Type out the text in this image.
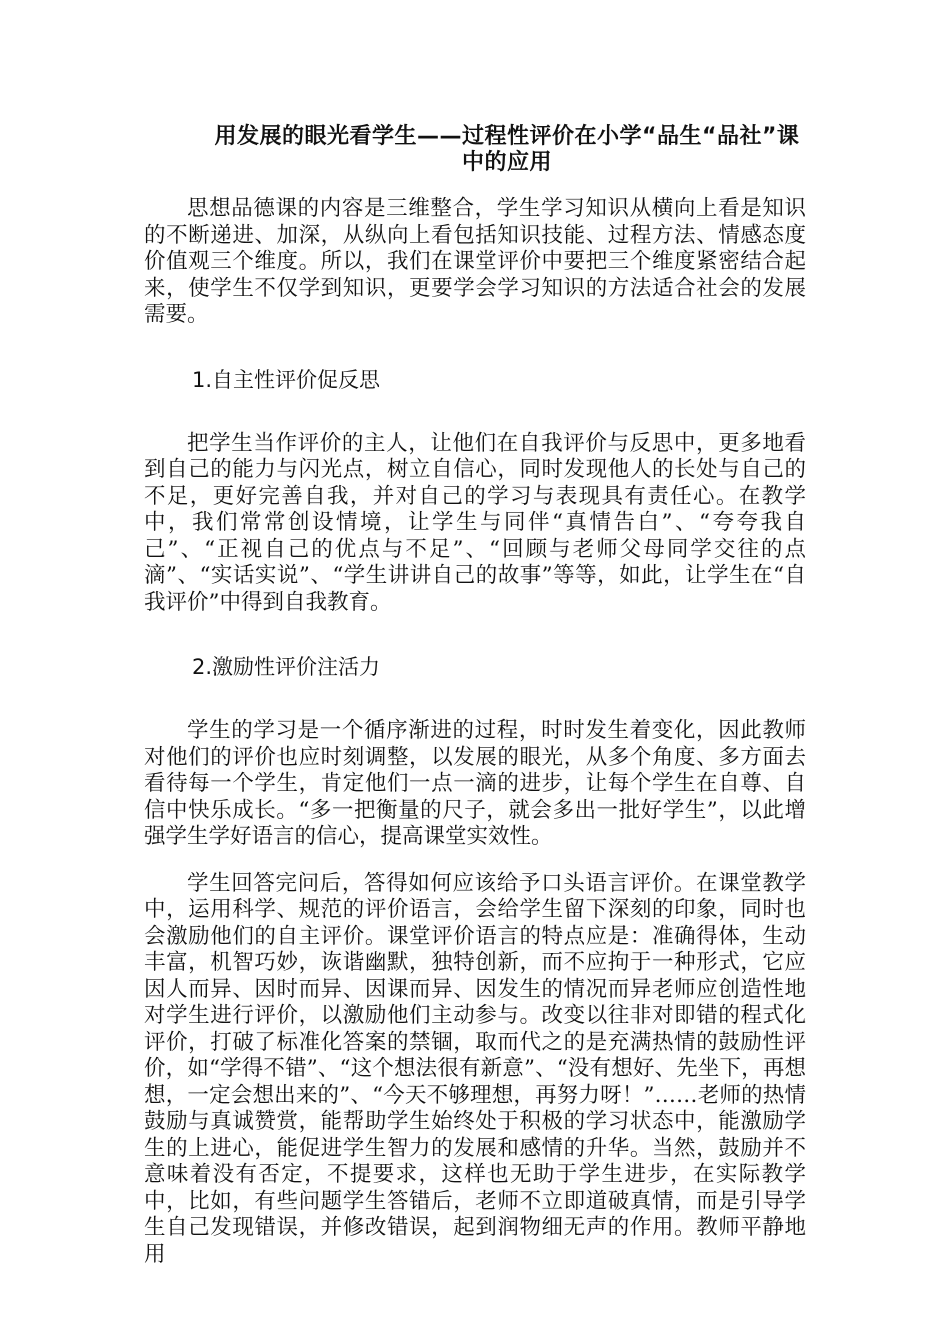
用发展的眼光看学生——过程性评价在小学“品生“品社”课中的应用

思想品德课的内容是三维整合，学生学习知识从横向上看是知识的不断递进、加深，从纵向上看包括知识技能、过程方法、情感态度价值观三个维度。所以，我们在课堂评价中要把三个维度紧密结合起来，使学生不仅学到知识，更要学会学习知识的方法适合社会的发展需要。

1.自主性评价促反思

把学生当作评价的主人，让他们在自我评价与反思中，更多地看到自己的能力与闪光点，树立自信心，同时发现他人的长处与自己的不足，更好完善自我，并对自己的学习与表现具有责任心。在教学中，我们常常创设情境，让学生与同伴“真情告白”、“夸夸我自己”、“正视自己的优点与不足”、“回顾与老师父母同学交往的点滴”、“实话实说”、“学生讲讲自己的故事”等等，如此，让学生在“自我评价”中得到自我教育。

2.激励性评价注活力

学生的学习是一个循序渐进的过程，时时发生着变化，因此教师对他们的评价也应时刻调整，以发展的眼光，从多个角度、多方面去看待每一个学生，肯定他们一点一滴的进步，让每个学生在自尊、自信中快乐成长。“多一把衡量的尺子，就会多出一批好学生”，以此增强学生学好语言的信心，提高课堂实效性。

学生回答完问后，答得如何应该给予口头语言评价。在课堂教学中，运用科学、规范的评价语言，会给学生留下深刻的印象，同时也会激励他们的自主评价。课堂评价语言的特点应是：准确得体，生动丰富，机智巧妙，诙谐幽默，独特创新，而不应拘于一种形式，它应因人而异、因时而异、因课而异、因发生的情况而异老师应创造性地对学生进行评价，以激励他们主动参与。改变以往非对即错的程式化评价，打破了标准化答案的禁锢，取而代之的是充满热情的鼓励性评价，如“学得不错”、“这个想法很有新意”、“没有想好、先坐下，再想想，一定会想出来的”、“今天不够理想，再努力呀！”……老师的热情鼓励与真诚赞赏，能帮助学生始终处于积极的学习状态中，能激励学生的上进心，能促进学生智力的发展和感情的升华。当然，鼓励并不意味着没有否定，不提要求，这样也无助于学生进步，在实际教学中，比如，有些问题学生答错后，老师不立即道破真情，而是引导学生自己发现错误，并修改错误，起到润物细无声的作用。教师平静地用
